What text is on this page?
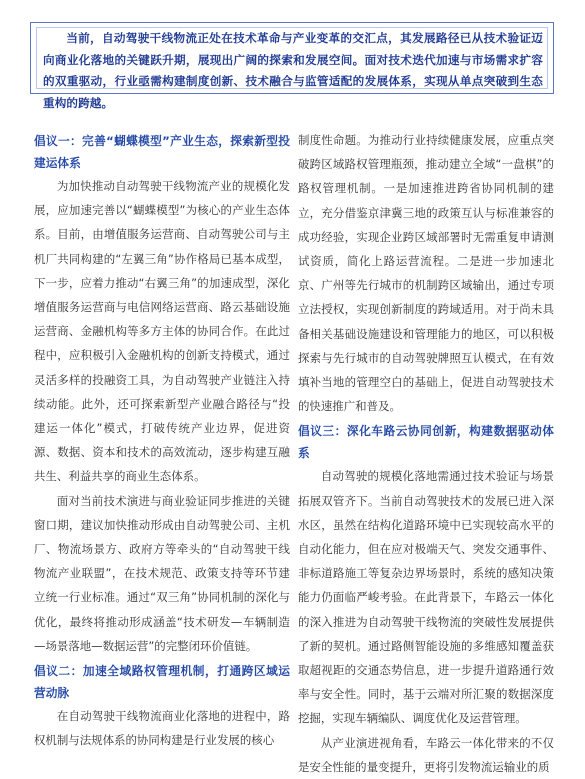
当前，自动驾驶干线物流正处在技术革命与产业变革的交汇点，其发展路径已从技术验证迈向商业化落地的关键跃升期，展现出广阔的探索和发展空间。面对技术迭代加速与市场需求扩容的双重驱动，行业亟需构建制度创新、技术融合与监管适配的发展体系，实现从单点突破到生态重构的跨越。

倡议一：完善“蝴蝶模型”产业生态，探索新型投建运体系

为加快推动自动驾驶干线物流产业的规模化发展，应加速完善以“蝴蝶模型”为核心的产业生态体系。目前，由增值服务运营商、自动驾驶公司与主机厂共同构建的“左翼三角”协作格局已基本成型，下一步，应着力推动“右翼三角”的加速成型，深化增值服务运营商与电信网络运营商、路云基础设施运营商、金融机构等多方主体的协同合作。在此过程中，应积极引入金融机构的创新支持模式，通过灵活多样的投融资工具，为自动驾驶产业链注入持续动能。此外，还可探索新型产业融合路径与“投建运一体化”模式，打破传统产业边界，促进资源、数据、资本和技术的高效流动，逐步构建互融共生、利益共享的商业生态体系。

面对当前技术演进与商业验证同步推进的关键窗口期，建议加快推动形成由自动驾驶公司、主机厂、物流场景方、政府方等牵头的“自动驾驶干线物流产业联盟”，在技术规范、政策支持等环节建立统一行业标准。通过“双三角”协同机制的深化与优化，最终将推动形成涵盖“技术研发—车辆制造—场景落地—数据运营”的完整闭环价值链。

倡议二：加速全域路权管理机制，打通跨区域运营动脉

在自动驾驶干线物流商业化落地的进程中，路权机制与法规体系的协同构建是行业发展的核心

制度性命题。为推动行业持续健康发展，应重点突破跨区域路权管理瓶颈，推动建立全域“一盘棋”的路权管理机制。一是加速推进跨省协同机制的建立，充分借鉴京津冀三地的政策互认与标准兼容的成功经验，实现企业跨区域部署时无需重复申请测试资质，简化上路运营流程。二是进一步加速北京、广州等先行城市的机制跨区域输出，通过专项立法授权，实现创新制度的跨域适用。对于尚未具备相关基础设施建设和管理能力的地区，可以积极探索与先行城市的自动驾驶牌照互认模式，在有效填补当地的管理空白的基础上，促进自动驾驶技术的快速推广和普及。

倡议三：深化车路云协同创新，构建数据驱动体系

自动驾驶的规模化落地需通过技术验证与场景拓展双管齐下。当前自动驾驶技术的发展已进入深水区，虽然在结构化道路环境中已实现较高水平的自动化能力，但在应对极端天气、突发交通事件、非标道路施工等复杂边界场景时，系统的感知决策能力仍面临严峻考验。在此背景下，车路云一体化的深入推进为自动驾驶干线物流的突破性发展提供了新的契机。通过路侧智能设施的多维感知覆盖获取超视距的交通态势信息，进一步提升道路通行效率与安全性。同时，基于云端对所汇聚的数据深度挖掘，实现车辆编队、调度优化及运营管理。

从产业演进视角看，车路云一体化带来的不仅是安全性能的量变提升，更将引发物流运输业的质
